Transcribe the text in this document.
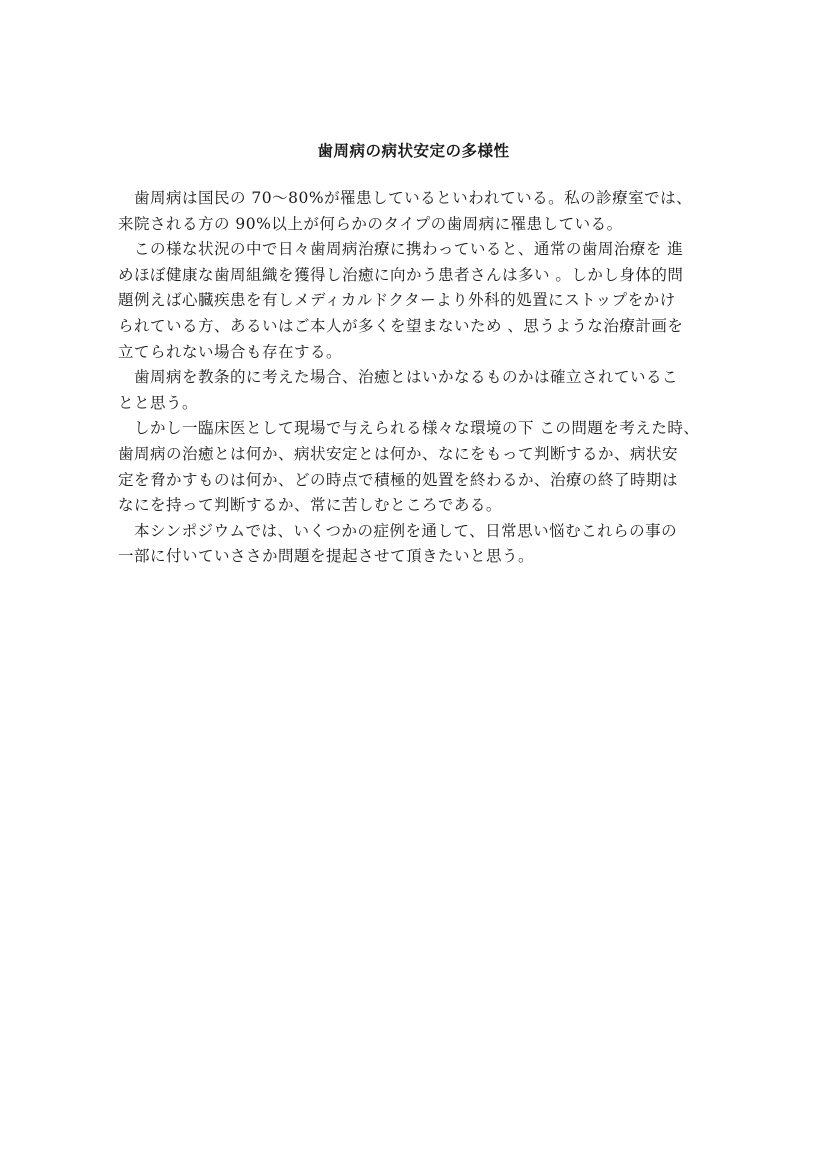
歯周病の病状安定の多様性
　歯周病は国民の 70～80%が罹患しているといわれている。私の診療室では、
来院される方の 90%以上が何らかのタイプの歯周病に罹患している。
　この様な状況の中で日々歯周病治療に携わっていると、通常の歯周治療を 進
めほぼ健康な歯周組織を獲得し治癒に向かう患者さんは多い 。しかし身体的問
題例えば心臓疾患を有しメディカルドクターより外科的処置にストップをかけ
られている方、あるいはご本人が多くを望まないため 、思うような治療計画を
立てられない場合も存在する。
　歯周病を教条的に考えた場合、治癒とはいかなるものかは確立されているこ
とと思う。
　しかし一臨床医として現場で与えられる様々な環境の下 この問題を考えた時、
歯周病の治癒とは何か、病状安定とは何か、なにをもって判断するか、病状安
定を脅かすものは何か、どの時点で積極的処置を終わるか、治療の終了時期は
なにを持って判断するか、常に苦しむところである。
　本シンポジウムでは、いくつかの症例を通して、日常思い悩むこれらの事の
一部に付いていささか問題を提起させて頂きたいと思う。
